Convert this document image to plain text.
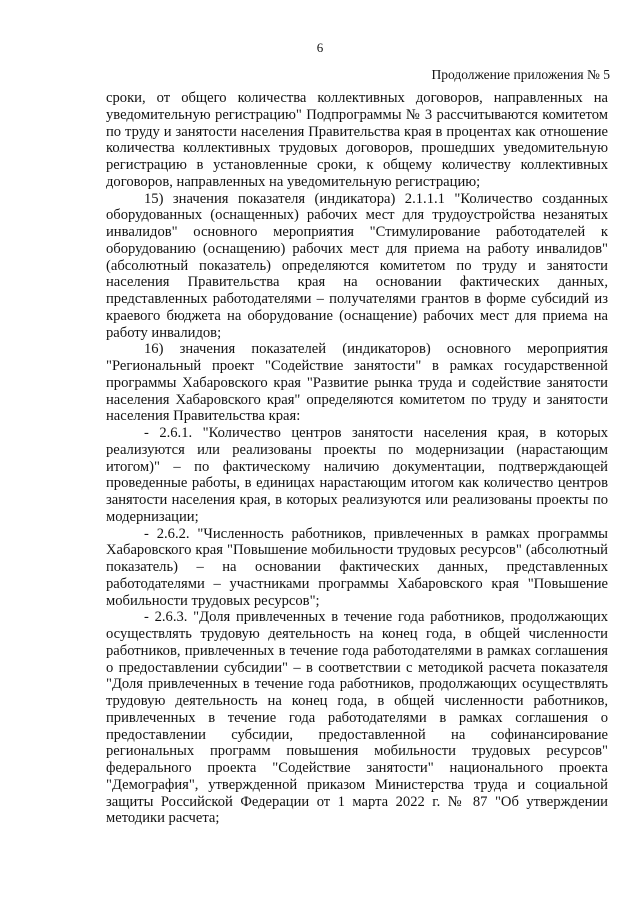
6
Продолжение приложения № 5

сроки, от общего количества коллективных договоров, направленных на уведомительную регистрацию" Подпрограммы № 3 рассчитываются комитетом по труду и занятости населения Правительства края в процентах как отношение количества коллективных трудовых договоров, прошедших уведомительную регистрацию в установленные сроки, к общему количеству коллективных договоров, направленных на уведомительную регистрацию;

15) значения показателя (индикатора) 2.1.1.1 "Количество созданных оборудованных (оснащенных) рабочих мест для трудоустройства незанятых инвалидов" основного мероприятия "Стимулирование работодателей к оборудованию (оснащению) рабочих мест для приема на работу инвалидов" (абсолютный показатель) определяются комитетом по труду и занятости населения Правительства края на основании фактических данных, представленных работодателями – получателями грантов в форме субсидий из краевого бюджета на оборудование (оснащение) рабочих мест для приема на работу инвалидов;

16) значения показателей (индикаторов) основного мероприятия "Региональный проект "Содействие занятости" в рамках государственной программы Хабаровского края "Развитие рынка труда и содействие занятости населения Хабаровского края" определяются комитетом по труду и занятости населения Правительства края:

- 2.6.1. "Количество центров занятости населения края, в которых реализуются или реализованы проекты по модернизации (нарастающим итогом)" – по фактическому наличию документации, подтверждающей проведенные работы, в единицах нарастающим итогом как количество центров занятости населения края, в которых реализуются или реализованы проекты по модернизации;

- 2.6.2. "Численность работников, привлеченных в рамках программы Хабаровского края "Повышение мобильности трудовых ресурсов" (абсолютный показатель) – на основании фактических данных, представленных работодателями – участниками программы Хабаровского края "Повышение мобильности трудовых ресурсов";

- 2.6.3. "Доля привлеченных в течение года работников, продолжающих осуществлять трудовую деятельность на конец года, в общей численности работников, привлеченных в течение года работодателями в рамках соглашения о предоставлении субсидии" – в соответствии с методикой расчета показателя "Доля привлеченных в течение года работников, продолжающих осуществлять трудовую деятельность на конец года, в общей численности работников, привлеченных в течение года работодателями в рамках соглашения о предоставлении субсидии, предоставленной на софинансирование региональных программ повышения мобильности трудовых ресурсов" федерального проекта "Содействие занятости" национального проекта "Демография", утвержденной приказом Министерства труда и социальной защиты Российской Федерации от 1 марта 2022 г. № 87 "Об утверждении методики расчета;
